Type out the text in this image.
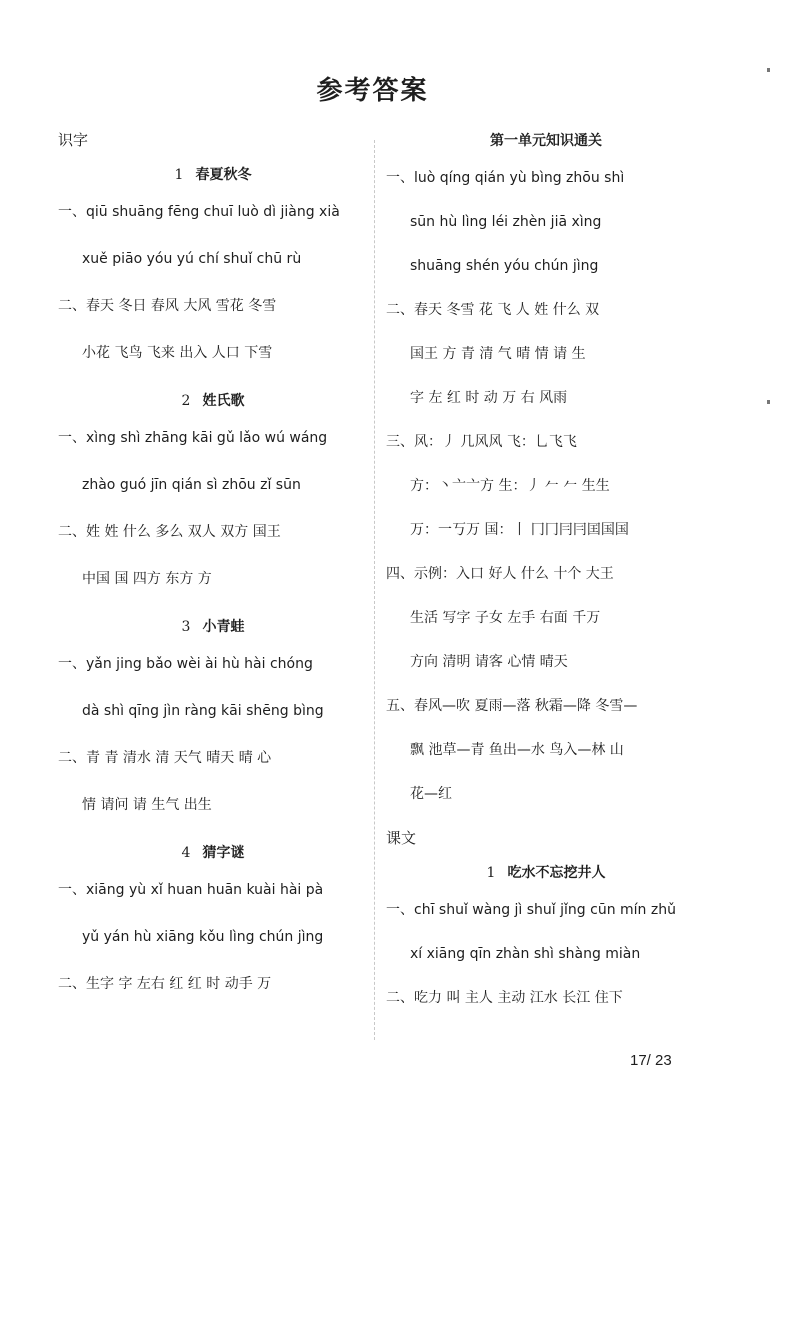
参考答案
识字
1 春夏秋冬
一、qiū shuāng fēng chuī luò dì jiàng xià
xuě piāo yóu yú chí shuǐ chū rù
二、春天 冬日 春风 大风 雪花 冬雪
小花 飞鸟 飞来 出入 人口 下雪
2 姓氏歌
一、xìng shì zhāng kāi gǔ lǎo wú wáng
zhào guó jīn qián sì zhōu zǐ sūn
二、姓 姓 什么 多么 双人 双方 国王
中国 国 四方 东方 方
3 小青蛙
一、yǎn jing bǎo wèi ài hù hài chóng
dà shì qīng jìn ràng kāi shēng bìng
二、青 青 清水 清 天气 晴天 晴 心
情 请问 请 生气 出生
4 猜字谜
一、xiāng yù xǐ huan huān kuài hài pà
yǔ yán hù xiāng kǒu lìng chún jìng
二、生字 字 左右 红 红 时 动手 万
第一单元知识通关
一、luò qíng qián yù bìng zhōu shì
sūn hù lìng léi zhèn jiā xìng
shuāng shén yóu chún jìng
二、春天 冬雪 花 飞 人 姓 什么 双
国王 方 青 清 气 晴 情 请 生
字 左 红 时 动 万 右 风雨
三、风：丿 几风风 飞：乚飞飞
方：丶亠亠方 生：丿 𠂉 𠂉 生生
万：一丂万 国：丨 冂冂冃冃囯国国
四、示例：入口 好人 什么 十个 大王
生活 写字 子女 左手 右面 千万
方向 清明 请客 心情 晴天
五、春风—吹 夏雨—落 秋霜—降 冬雪—
飘 池草—青 鱼出—水 鸟入—林 山
花—红
课文
1 吃水不忘挖井人
一、chī shuǐ wàng jì shuǐ jǐng cūn mín zhǔ
xí xiāng qīn zhàn shì shàng miàn
二、吃力 叫 主人 主动 江水 长江 住下
17/ 23
